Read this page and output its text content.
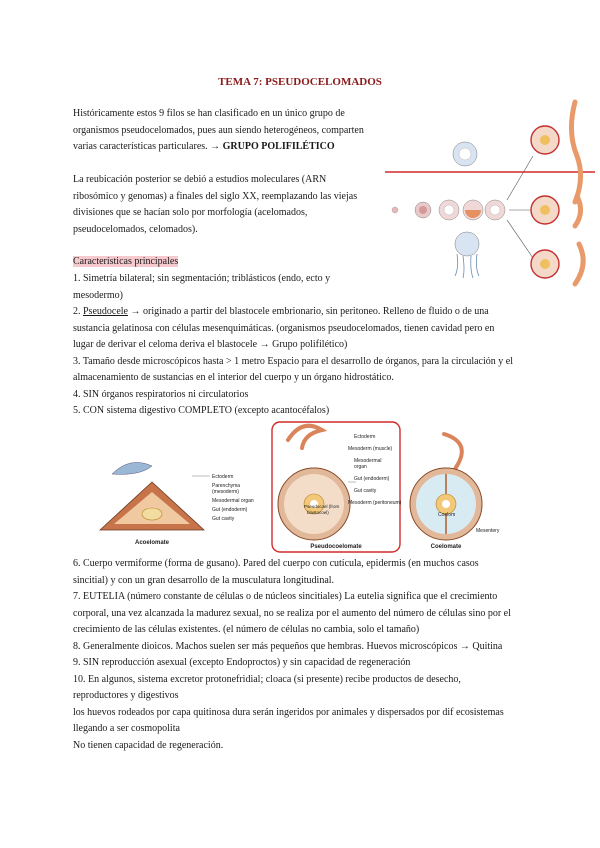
TEMA 7: PSEUDOCELOMADOS

Históricamente estos 9 filos se han clasificado en un único grupo de
organismos pseudocelomados, pues aun siendo heterogéneos, comparten
varias características particulares. → GRUPO POLIFILÉTICO

La reubicación posterior se debió a estudios moleculares (ARN
ribosómico y genomas) a finales del siglo XX, reemplazando las viejas
divisiones que se hacían solo por morfología (acelomados,
pseudocelomados, celomados).

Características principales

1. Simetría bilateral; sin segmentación; triblásticos (endo, ecto y
mesodermo)
2. Pseudocele → originado a partir del blastocele embrionario, sin peritoneo. Relleno de fluido o de una
sustancia gelatinosa con células mesenquimáticas. (organismos pseudocelomados, tienen cavidad pero en
lugar de derivar el celoma deriva el blastocele → Grupo polifilético)
3. Tamaño desde microscópicos hasta > 1 metro Espacio para el desarrollo de órganos, para la circulación y el
almacenamiento de sustancias en el interior del cuerpo y un órgano hidrostático.
4. SIN órganos respiratorios ni circulatorios
5. CON sistema digestivo COMPLETO (excepto acantocéfalos)

Acoelomate
Ectoderm
Parenchyma
(mesoderm)
Mesodermal organ
Gut (endoderm)
Gut cavity
Pseudocoel (from
blastocoel)
Pseudocoelomate
Ectoderm
Mesoderm (muscle)
Mesodermal
organ
Gut (endoderm)
Gut cavity
Mesoderm (peritoneum)
Coelom
Coelomate
Mesentery

6. Cuerpo vermiforme (forma de gusano). Pared del cuerpo con cutícula, epidermis (en muchos casos
sincitial) y con un gran desarrollo de la musculatura longitudinal.
7. EUTELIA (número constante de células o de núcleos sincitiales) La eutelia significa que el crecimiento
corporal, una vez alcanzada la madurez sexual, no se realiza por el aumento del número de células sino por el
crecimiento de las células existentes. (el número de células no cambia, solo el tamaño)
8. Generalmente dioicos. Machos suelen ser más pequeños que hembras. Huevos microscópicos → Quitina
9. SIN reproducción asexual (excepto Endoproctos) y sin capacidad de regeneración
10. En algunos, sistema excretor protonefridial; cloaca (si presente) recibe productos de desecho,
reproductores y digestivos
los huevos rodeados por capa quitinosa dura serán ingeridos por animales y dispersados por dif ecosistemas
llegando a ser cosmopolita
No tienen capacidad de regeneración.
